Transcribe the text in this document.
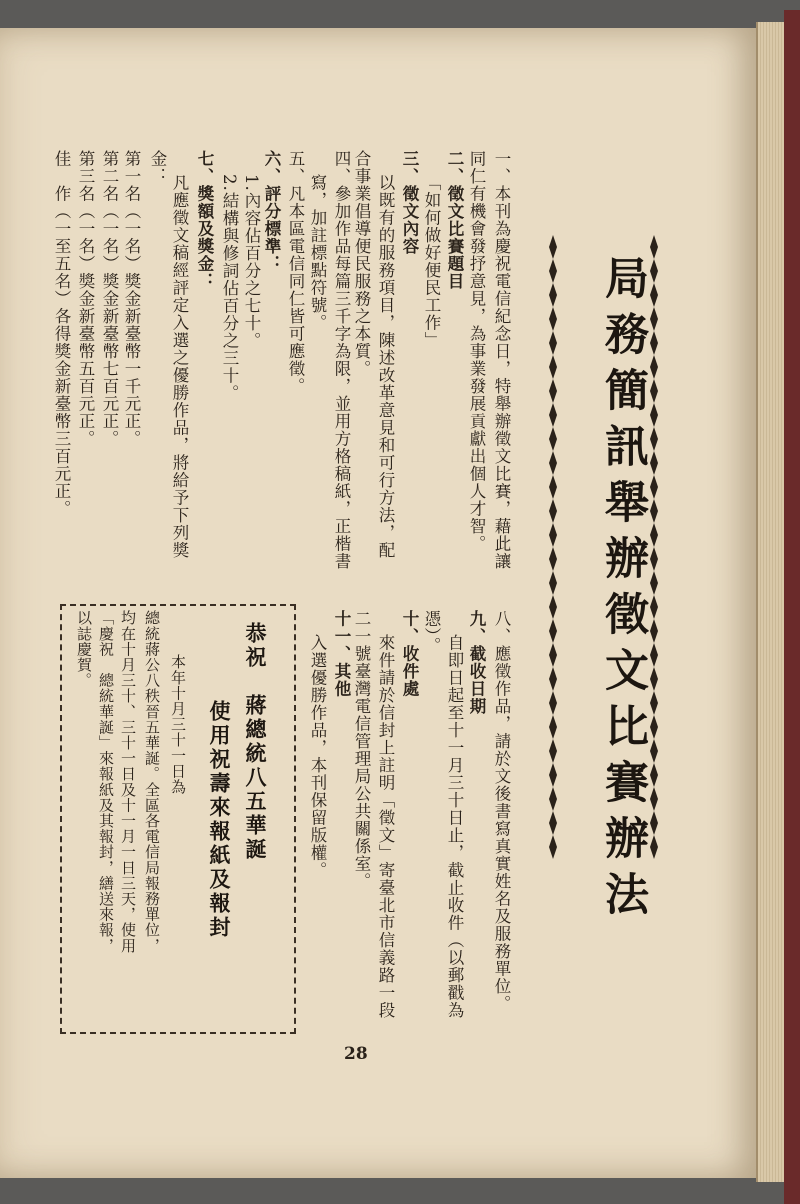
局務簡訊舉辦徵文比賽辦法
一、本刊為慶祝電信紀念日，特舉辦徵文比賽，藉此讓
同仁有機會發抒意見，為事業發展貢獻出個人才智。
二、徵文比賽題目
「如何做好便民工作」
三、徵文內容
以既有的服務項目，陳述改革意見和可行方法，配
合事業倡導便民服務之本質。
四、參加作品每篇三千字為限，並用方格稿紙，正楷書
寫，加註標點符號。
五、凡本區電信同仁皆可應徵。
六、評分標準：
1.內容佔百分之七十。
2.結構與修詞佔百分之三十。
七、獎額及獎金：
凡應徵文稿經評定入選之優勝作品，將給予下列獎
金：
第一名（一名）獎金新臺幣一千元正。
第二名（一名）獎金新臺幣七百元正。
第三名（一名）獎金新臺幣五百元正。
佳　作（一至五名）各得獎金新臺幣三百元正。
八、應徵作品，請於文後書寫真實姓名及服務單位。
九、截收日期
自即日起至十一月三十日止，截止收件（以郵戳為
憑）。
十、收件處
來件請於信封上註明「徵文」寄臺北市信義路一段
二一號臺灣電信管理局公共關係室。
十一、其他
入選優勝作品，本刊保留版權。
恭祝　蔣總統八五華誕
使用祝壽來報紙及報封
本年十月三十一日為
總統蔣公八秩晉五華誕。全區各電信局報務單位，
均在十月三十、三十一日及十一月一日三天，使用
「慶祝　總統華誕」來報紙及其報封，繕送來報，
以誌慶賀。
28
